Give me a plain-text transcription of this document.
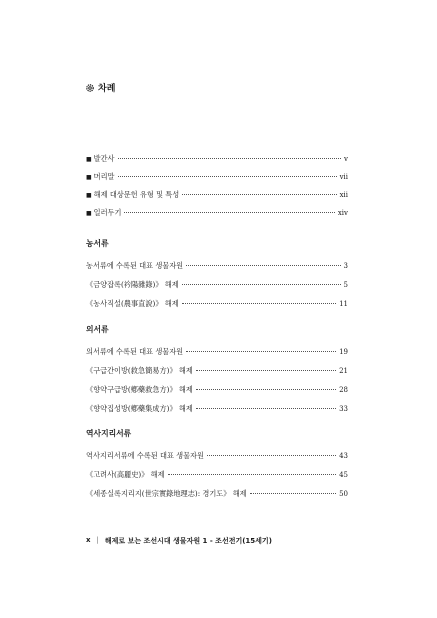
차례
■ 발간사	v
■ 머리말	vii
■ 해제 대상문헌 유형 및 특성	xii
■ 일러두기	xiv
농서류
농서류에 수록된 대표 생물자원	3
《금양잡록(衿陽雜錄)》 해제	5
《농사직설(農事直說)》 해제	11
의서류
의서류에 수록된 대표 생물자원	19
《구급간이방(救急簡易方)》 해제	21
《향약구급방(鄕藥救急方)》 해제	28
《향약집성방(鄕藥集成方)》 해제	33
역사지리서류
역사지리서류에 수록된 대표 생물자원	43
《고려사(高麗史)》 해제	45
《세종실록지리지(世宗實錄地理志): 경기도》 해제	50
x | 해제로 보는 조선시대 생물자원 1 - 조선전기(15세기)
